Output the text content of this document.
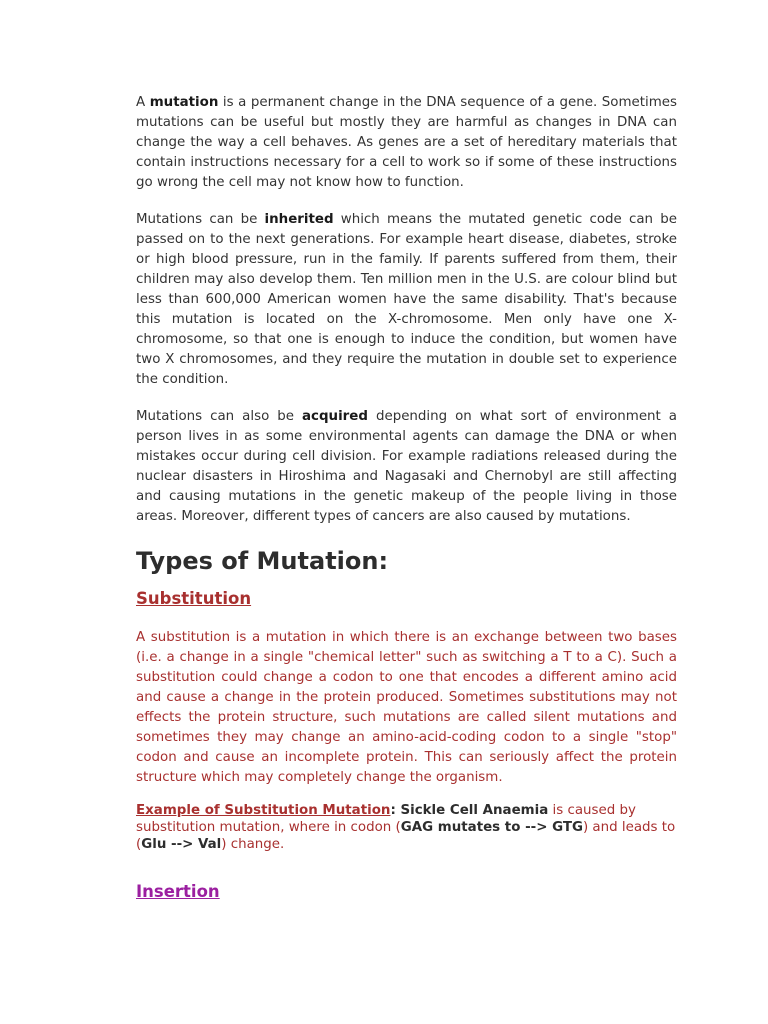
A mutation is a permanent change in the DNA sequence of a gene. Sometimes mutations can be useful but mostly they are harmful as changes in DNA can change the way a cell behaves. As genes are a set of hereditary materials that contain instructions necessary for a cell to work so if some of these instructions go wrong the cell may not know how to function.

Mutations can be inherited which means the mutated genetic code can be passed on to the next generations. For example heart disease, diabetes, stroke or high blood pressure, run in the family. If parents suffered from them, their children may also develop them. Ten million men in the U.S. are colour blind but less than 600,000 American women have the same disability. That's because this mutation is located on the X-chromosome. Men only have one X-chromosome, so that one is enough to induce the condition, but women have two X chromosomes, and they require the mutation in double set to experience the condition.

Mutations can also be acquired depending on what sort of environment a person lives in as some environmental agents can damage the DNA or when mistakes occur during cell division. For example radiations released during the nuclear disasters in Hiroshima and Nagasaki and Chernobyl are still affecting and causing mutations in the genetic makeup of the people living in those areas. Moreover, different types of cancers are also caused by mutations.

Types of Mutation:
Substitution

A substitution is a mutation in which there is an exchange between two bases (i.e. a change in a single "chemical letter" such as switching a T to a C). Such a substitution could change a codon to one that encodes a different amino acid and cause a change in the protein produced. Sometimes substitutions may not effects the protein structure, such mutations are called silent mutations and sometimes they may change an amino-acid-coding codon to a single "stop" codon and cause an incomplete protein. This can seriously affect the protein structure which may completely change the organism.

Example of Substitution Mutation: Sickle Cell Anaemia is caused by substitution mutation, where in codon (GAG mutates to --> GTG) and leads to (Glu --> Val) change.

Insertion
